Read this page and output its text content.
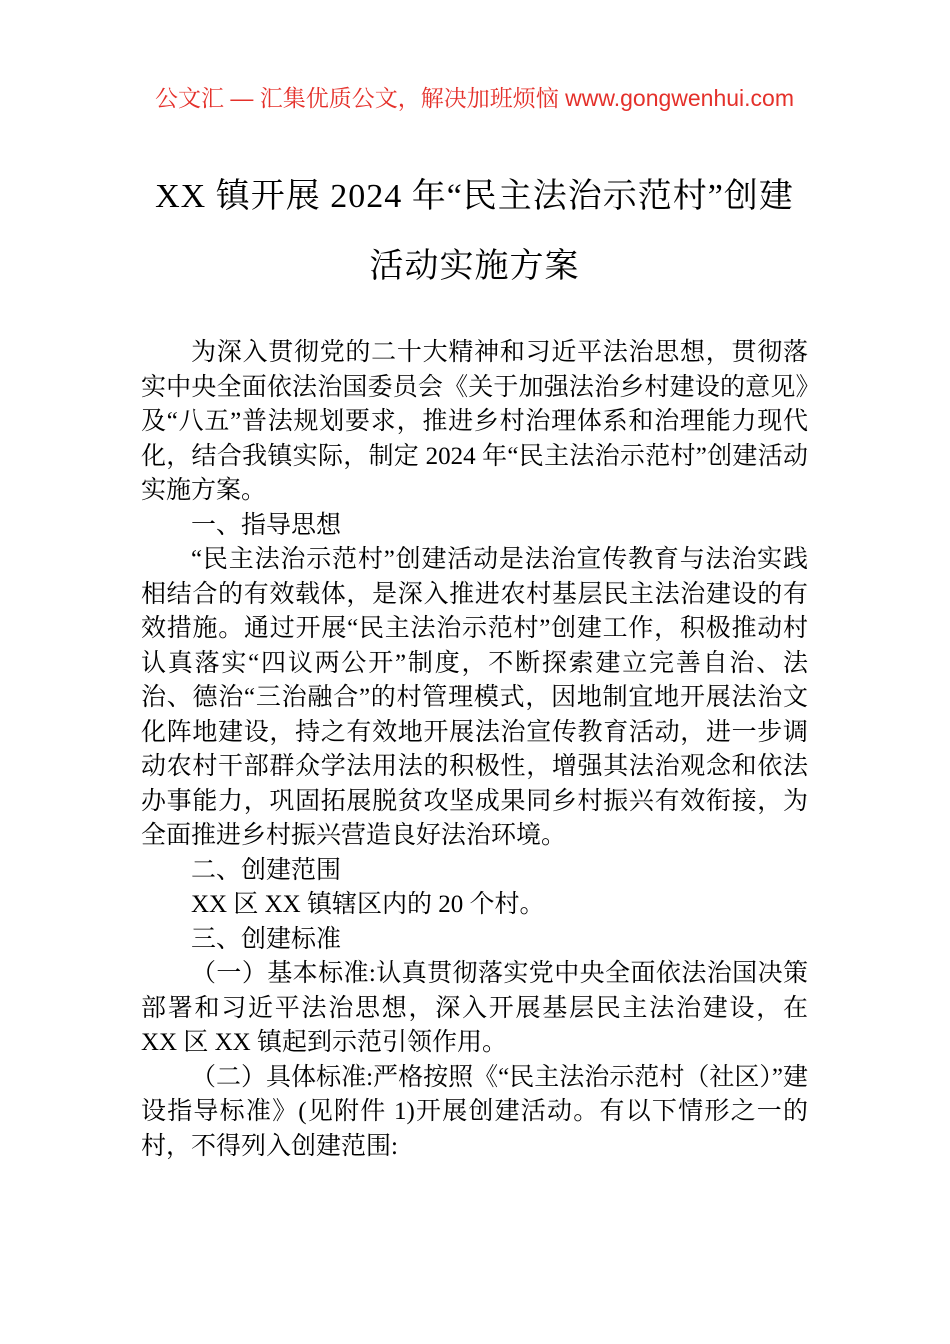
公文汇 — 汇集优质公文，解决加班烦恼 www.gongwenhui.com
XX 镇开展 2024 年“民主法治示范村”创建活动实施方案

为深入贯彻党的二十大精神和习近平法治思想，贯彻落实中央全面依法治国委员会《关于加强法治乡村建设的意见》及“八五”普法规划要求，推进乡村治理体系和治理能力现代化，结合我镇实际，制定 2024 年“民主法治示范村”创建活动实施方案。

一、指导思想

“民主法治示范村”创建活动是法治宣传教育与法治实践相结合的有效载体，是深入推进农村基层民主法治建设的有效措施。通过开展“民主法治示范村”创建工作，积极推动村认真落实“四议两公开”制度，不断探索建立完善自治、法治、德治“三治融合”的村管理模式，因地制宜地开展法治文化阵地建设，持之有效地开展法治宣传教育活动，进一步调动农村干部群众学法用法的积极性，增强其法治观念和依法办事能力，巩固拓展脱贫攻坚成果同乡村振兴有效衔接，为全面推进乡村振兴营造良好法治环境。

二、创建范围

XX 区 XX 镇辖区内的 20 个村。

三、创建标准

（一）基本标准:认真贯彻落实党中央全面依法治国决策部署和习近平法治思想，深入开展基层民主法治建设，在 XX 区 XX 镇起到示范引领作用。

（二）具体标准:严格按照《“民主法治示范村（社区）”建设指导标准》(见附件 1)开展创建活动。有以下情形之一的村，不得列入创建范围:
